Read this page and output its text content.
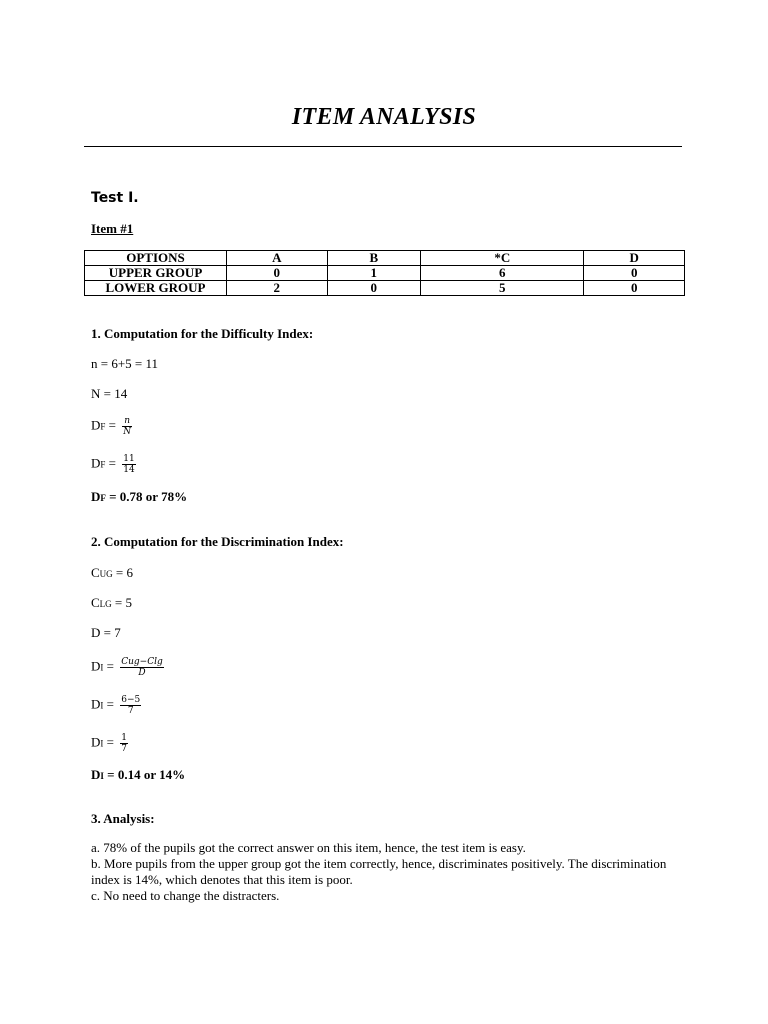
ITEM ANALYSIS
Test I.
Item #1
OPTIONS	A	B	*C	D
UPPER GROUP	0	1	6	0
LOWER GROUP	2	0	5	0
1. Computation for the Difficulty Index:
n = 6+5 = 11
N = 14
DF = $\frac{n}{N}$
DF = $\frac{11}{14}$
DF = 0.78 or 78%
2. Computation for the Discrimination Index:
CUG = 6
CLG = 5
D = 7
DI = $\frac{\text{Cug−Clg}}{D}$
DI = $\frac{6-5}{7}$
DI = $\frac{1}{7}$
DI = 0.14 or 14%
3. Analysis:

a. 78% of the pupils got the correct answer on this item, hence, the test item is easy.

b. More pupils from the upper group got the item correctly, hence, discriminates positively. The discrimination index is 14%, which denotes that this item is poor.

c. No need to change the distracters.
